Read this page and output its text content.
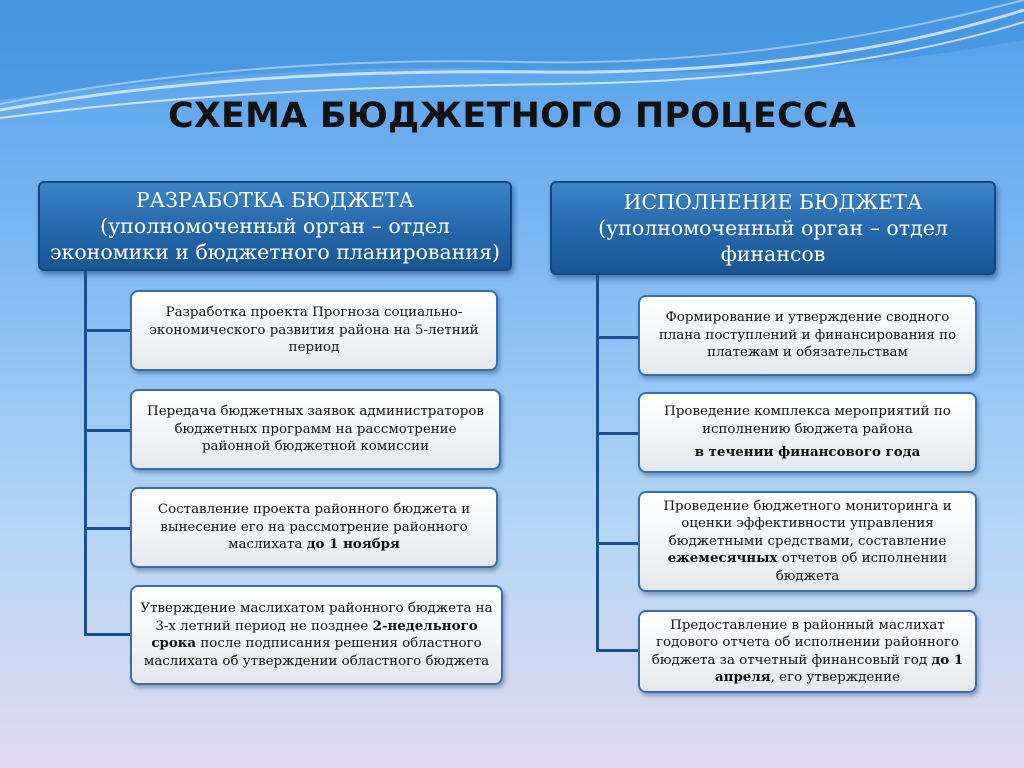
СХЕМА БЮДЖЕТНОГО ПРОЦЕССА
РАЗРАБОТКА БЮДЖЕТА
(уполномоченный орган – отдел
экономики и бюджетного планирования)

Разработка проекта Прогноза социально-экономического развития района на 5-летний период

Передача бюджетных заявок администраторов бюджетных программ на рассмотрение районной бюджетной комиссии

Составление проекта районного бюджета и вынесение его на рассмотрение районного маслихата до 1 ноября

Утверждение маслихатом районного бюджета на 3-х летний период не позднее 2-недельного срока после подписания решения областного маслихата об утверждении областного бюджета

ИСПОЛНЕНИЕ БЮДЖЕТА
(уполномоченный орган – отдел
финансов

Формирование и утверждение сводного плана поступлений и финансирования по платежам и обязательствам

Проведение комплекса мероприятий по исполнению бюджета района

в течении финансового года

Проведение бюджетного мониторинга и оценки эффективности управления бюджетными средствами, составление ежемесячных отчетов об исполнении бюджета

Предоставление в районный маслихат годового отчета об исполнении районного бюджета за отчетный финансовый год до 1 апреля, его утверждение
